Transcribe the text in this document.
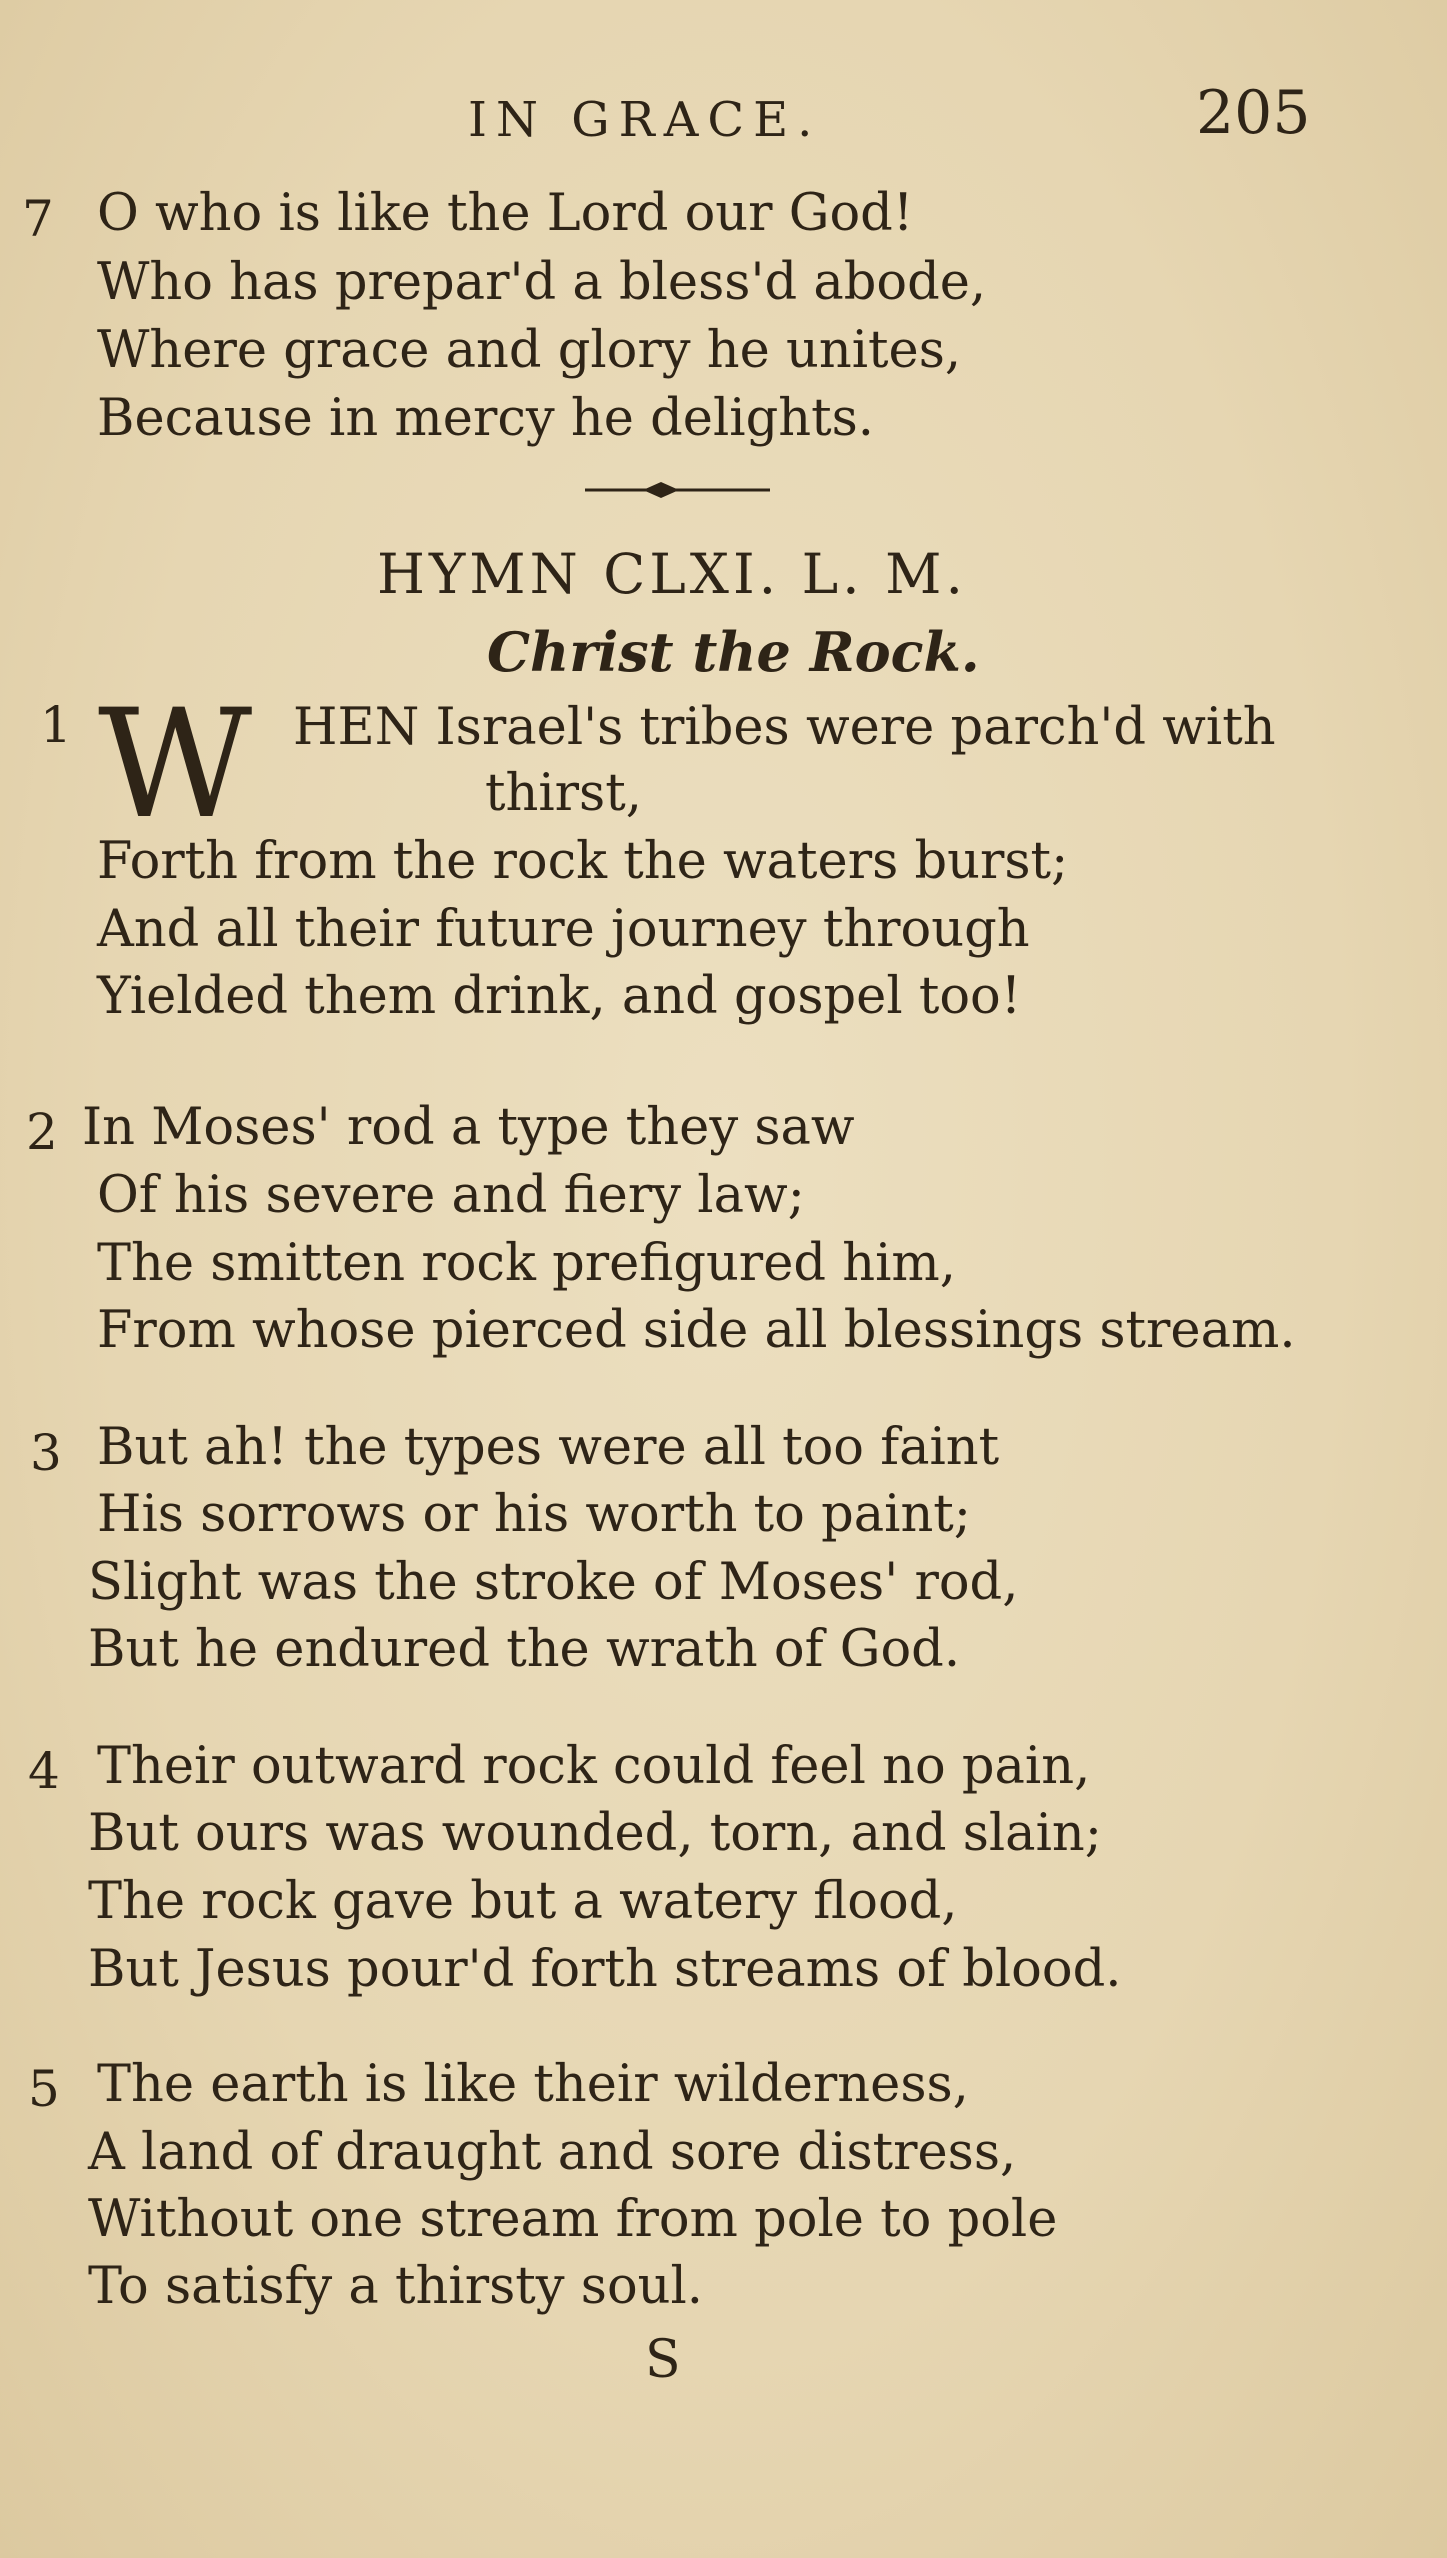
IN GRACE.	205
7 O who is like the Lord our God!
Who has prepar'd a bless'd abode,
Where grace and glory he unites,
Because in mercy he delights.
HYMN CLXI. L. M.
Christ the Rock.
1 W HEN Israel's tribes were parch'd with
thirst,
Forth from the rock the waters burst;
And all their future journey through
Yielded them drink, and gospel too!
2 In Moses' rod a type they saw
Of his severe and fiery law;
The smitten rock prefigured him,
From whose pierced side all blessings stream.
3 But ah! the types were all too faint
His sorrows or his worth to paint;
Slight was the stroke of Moses' rod,
But he endured the wrath of God.
4 Their outward rock could feel no pain,
But ours was wounded, torn, and slain;
The rock gave but a watery flood,
But Jesus pour'd forth streams of blood.
5 The earth is like their wilderness,
A land of draught and sore distress,
Without one stream from pole to pole
To satisfy a thirsty soul.
S
